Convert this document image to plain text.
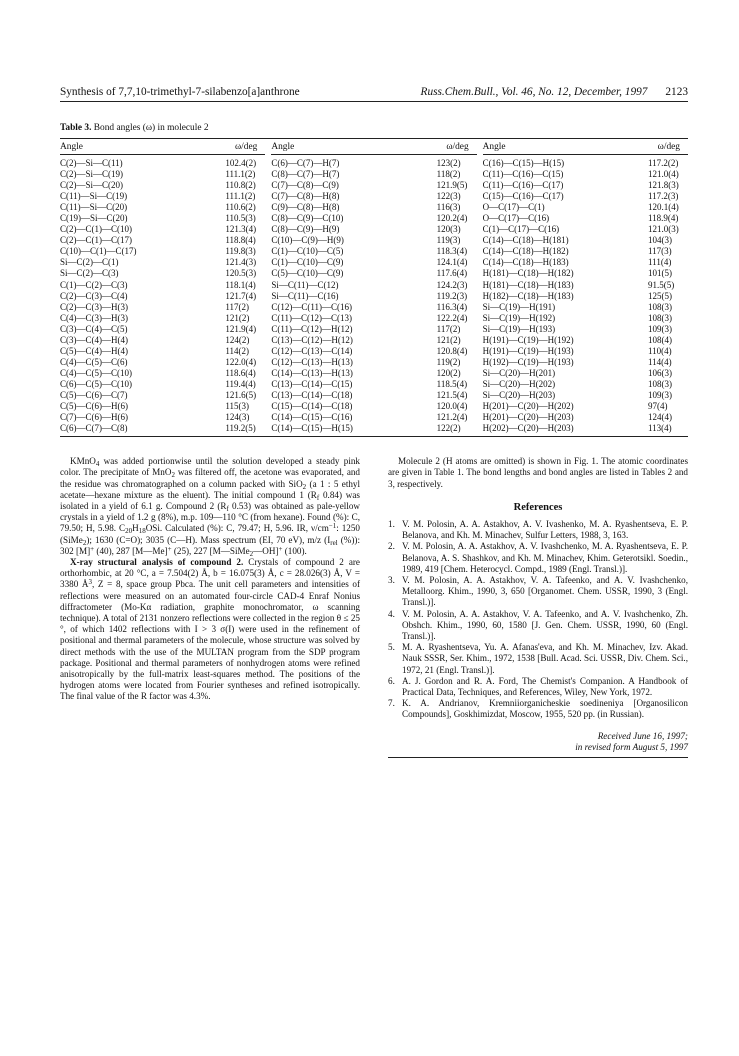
Synthesis of 7,7,10-trimethyl-7-silabenzo[a]anthrone	Russ.Chem.Bull., Vol. 46, No. 12, December, 1997 2123
Table 3. Bond angles (ω) in molecule 2
Angle	ω/deg
C(2)—Si—C(11)	102.4(2)
C(2)—Si—C(19)	111.1(2)
C(2)—Si—C(20)	110.8(2)
C(11)—Si—C(19)	111.1(2)
C(11)—Si—C(20)	110.6(2)
C(19)—Si—C(20)	110.5(3)
C(2)—C(1)—C(10)	121.3(4)
C(2)—C(1)—C(17)	118.8(4)
C(10)—C(1)—C(17)	119.8(3)
Si—C(2)—C(1)	121.4(3)
Si—C(2)—C(3)	120.5(3)
C(1)—C(2)—C(3)	118.1(4)
C(2)—C(3)—C(4)	121.7(4)
C(2)—C(3)—H(3)	117(2)
C(4)—C(3)—H(3)	121(2)
C(3)—C(4)—C(5)	121.9(4)
C(3)—C(4)—H(4)	124(2)
C(5)—C(4)—H(4)	114(2)
C(4)—C(5)—C(6)	122.0(4)
C(4)—C(5)—C(10)	118.6(4)
C(6)—C(5)—C(10)	119.4(4)
C(5)—C(6)—C(7)	121.6(5)
C(5)—C(6)—H(6)	115(3)
C(7)—C(6)—H(6)	124(3)
C(6)—C(7)—C(8)	119.2(5)
Angle	ω/deg
C(6)—C(7)—H(7)	123(2)
C(8)—C(7)—H(7)	118(2)
C(7)—C(8)—C(9)	121.9(5)
C(7)—C(8)—H(8)	122(3)
C(9)—C(8)—H(8)	116(3)
C(8)—C(9)—C(10)	120.2(4)
C(8)—C(9)—H(9)	120(3)
C(10)—C(9)—H(9)	119(3)
C(1)—C(10)—C(5)	118.3(4)
C(1)—C(10)—C(9)	124.1(4)
C(5)—C(10)—C(9)	117.6(4)
Si—C(11)—C(12)	124.2(3)
Si—C(11)—C(16)	119.2(3)
C(12)—C(11)—C(16)	116.3(4)
C(11)—C(12)—C(13)	122.2(4)
C(11)—C(12)—H(12)	117(2)
C(13)—C(12)—H(12)	121(2)
C(12)—C(13)—C(14)	120.8(4)
C(12)—C(13)—H(13)	119(2)
C(14)—C(13)—H(13)	120(2)
C(13)—C(14)—C(15)	118.5(4)
C(13)—C(14)—C(18)	121.5(4)
C(15)—C(14)—C(18)	120.0(4)
C(14)—C(15)—C(16)	121.2(4)
C(14)—C(15)—H(15)	122(2)
Angle	ω/deg
C(16)—C(15)—H(15)	117.2(2)
C(11)—C(16)—C(15)	121.0(4)
C(11)—C(16)—C(17)	121.8(3)
C(15)—C(16)—C(17)	117.2(3)
O—C(17)—C(1)	120.1(4)
O—C(17)—C(16)	118.9(4)
C(1)—C(17)—C(16)	121.0(3)
C(14)—C(18)—H(181)	104(3)
C(14)—C(18)—H(182)	117(3)
C(14)—C(18)—H(183)	111(4)
H(181)—C(18)—H(182)	101(5)
H(181)—C(18)—H(183)	91.5(5)
H(182)—C(18)—H(183)	125(5)
Si—C(19)—H(191)	108(3)
Si—C(19)—H(192)	108(3)
Si—C(19)—H(193)	109(3)
H(191)—C(19)—H(192)	108(4)
H(191)—C(19)—H(193)	110(4)
H(192)—C(19)—H(193)	114(4)
Si—C(20)—H(201)	106(3)
Si—C(20)—H(202)	108(3)
Si—C(20)—H(203)	109(3)
H(201)—C(20)—H(202)	97(4)
H(201)—C(20)—H(203)	124(4)
H(202)—C(20)—H(203)	113(4)

KMnO$_4$ was added portionwise until the solution developed a steady pink color. The precipitate of MnO$_2$ was filtered off, the acetone was evaporated, and the residue was chromatographed on a column packed with SiO$_2$ (a 1 : 5 ethyl acetate—hexane mixture as the eluent). The initial compound 1 ($R_f$ 0.84) was isolated in a yield of 6.1 g. Compound 2 ($R_f$ 0.53) was obtained as pale-yellow crystals in a yield of 1.2 g (8%), m.p. 109—110 °C (from hexane). Found (%): C, 79.50; H, 5.98. $C_{20}H_{18}OSi$. Calculated (%): C, 79.47; H, 5.96. IR, $\nu/cm^{-1}$: 1250 (SiMe$_2$); 1630 (C=O); 3035 (C—H). Mass spectrum (EI, 70 eV), m/z ($I_{rel}$ (%)): 302 [M]+ (40), 287 [M—Me]+ (25), 227 [M—SiMe$_2$—OH]+ (100).

X-ray structural analysis of compound 2. Crystals of compound 2 are orthorhombic, at 20 °C, a = 7.504(2) Å, b = 16.075(3) Å, c = 28.026(3) Å, V = 3380 $Å^3$, Z = 8, space group Pbca. The unit cell parameters and intensities of reflections were measured on an automated four-circle CAD-4 Enraf Nonius diffractometer (Mo-Kα radiation, graphite monochromator, ω scanning technique). A total of 2131 nonzero reflections were collected in the region θ ≤ 25 °, of which 1402 reflections with I > 3 σ(I) were used in the refinement of positional and thermal parameters of the molecule, whose structure was solved by direct methods with the use of the MULTAN program from the SDP program package. Positional and thermal parameters of nonhydrogen atoms were refined anisotropically by the full-matrix least-squares method. The positions of the hydrogen atoms were located from Fourier syntheses and refined isotropically. The final value of the R factor was 4.3%.

Molecule 2 (H atoms are omitted) is shown in Fig. 1. The atomic coordinates are given in Table 1. The bond lengths and bond angles are listed in Tables 2 and 3, respectively.

References
1. V. M. Polosin, A. A. Astakhov, A. V. Ivashenko, M. A. Ryashentseva, E. P. Belanova, and Kh. M. Minachev, Sulfur Letters, 1988, 3, 163.
2. V. M. Polosin, A. A. Astakhov, A. V. Ivashchenko, M. A. Ryashentseva, E. P. Belanova, A. S. Shashkov, and Kh. M. Minachev, Khim. Geterotsikl. Soedin., 1989, 419 [Chem. Heterocycl. Compd., 1989 (Engl. Transl.)].
3. V. M. Polosin, A. A. Astakhov, V. A. Tafeenko, and A. V. Ivashchenko, Metalloorg. Khim., 1990, 3, 650 [Organomet. Chem. USSR, 1990, 3 (Engl. Transl.)].
4. V. M. Polosin, A. A. Astakhov, V. A. Tafeenko, and A. V. Ivashchenko, Zh. Obshch. Khim., 1990, 60, 1580 [J. Gen. Chem. USSR, 1990, 60 (Engl. Transl.)].
5. M. A. Ryashentseva, Yu. A. Afanas'eva, and Kh. M. Minachev, Izv. Akad. Nauk SSSR, Ser. Khim., 1972, 1538 [Bull. Acad. Sci. USSR, Div. Chem. Sci., 1972, 21 (Engl. Transl.)].
6. A. J. Gordon and R. A. Ford, The Chemist's Companion. A Handbook of Practical Data, Techniques, and References, Wiley, New York, 1972.
7. K. A. Andrianov, Kremniiorganicheskie soedineniya [Organosilicon Compounds], Goskhimizdat, Moscow, 1955, 520 pp. (in Russian).
Received June 16, 1997;
in revised form August 5, 1997
